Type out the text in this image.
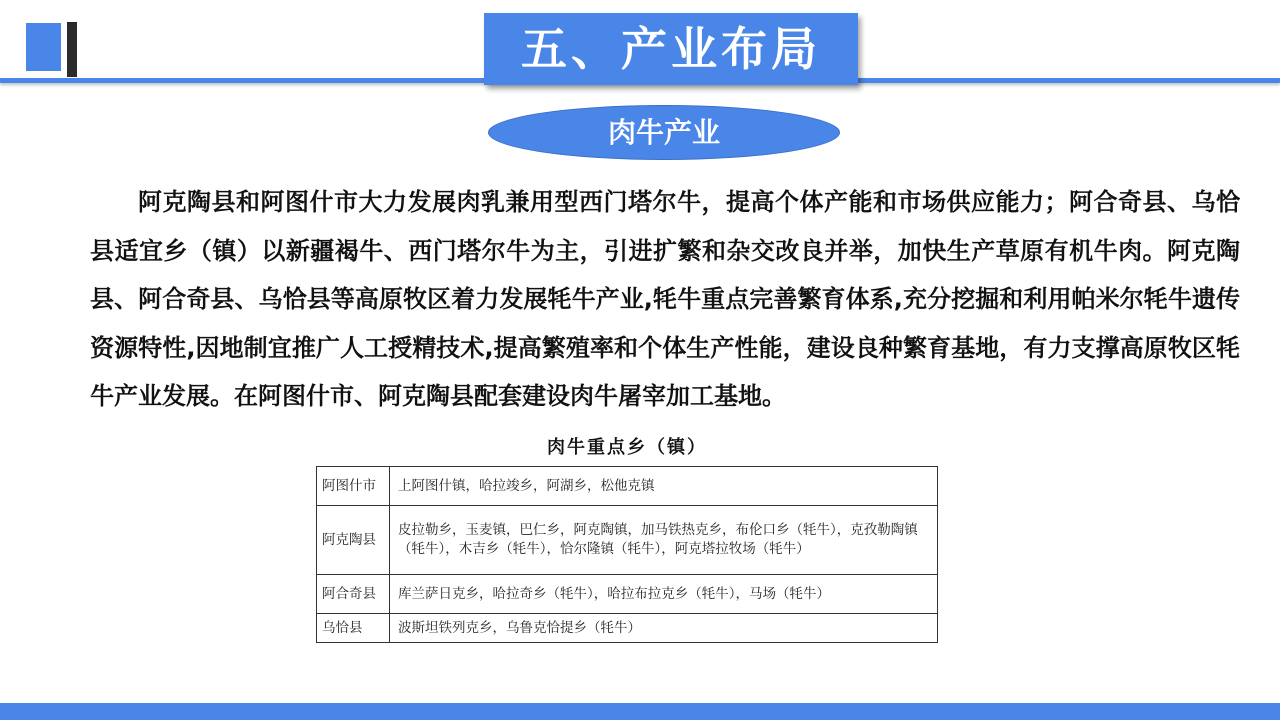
五、产业布局
肉牛产业

阿克陶县和阿图什市大力发展肉乳兼用型西门塔尔牛，提高个体产能和市场供应能力；阿合奇县、乌恰县适宜乡（镇）以新疆褐牛、西门塔尔牛为主，引进扩繁和杂交改良并举，加快生产草原有机牛肉。阿克陶县、阿合奇县、乌恰县等高原牧区着力发展牦牛产业,牦牛重点完善繁育体系,充分挖掘和利用帕米尔牦牛遗传资源特性,因地制宜推广人工授精技术,提高繁殖率和个体生产性能，建设良种繁育基地，有力支撑高原牧区牦牛产业发展。在阿图什市、阿克陶县配套建设肉牛屠宰加工基地。

肉牛重点乡（镇）
阿图什市	上阿图什镇，哈拉竣乡，阿湖乡，松他克镇
阿克陶县	皮拉勒乡，玉麦镇，巴仁乡，阿克陶镇，加马铁热克乡，布伦口乡（牦牛），克孜勒陶镇（牦牛），木吉乡（牦牛），恰尔隆镇（牦牛），阿克塔拉牧场（牦牛）
阿合奇县	库兰萨日克乡，哈拉奇乡（牦牛），哈拉布拉克乡（牦牛），马场（牦牛）
乌恰县	波斯坦铁列克乡，乌鲁克恰提乡（牦牛）
